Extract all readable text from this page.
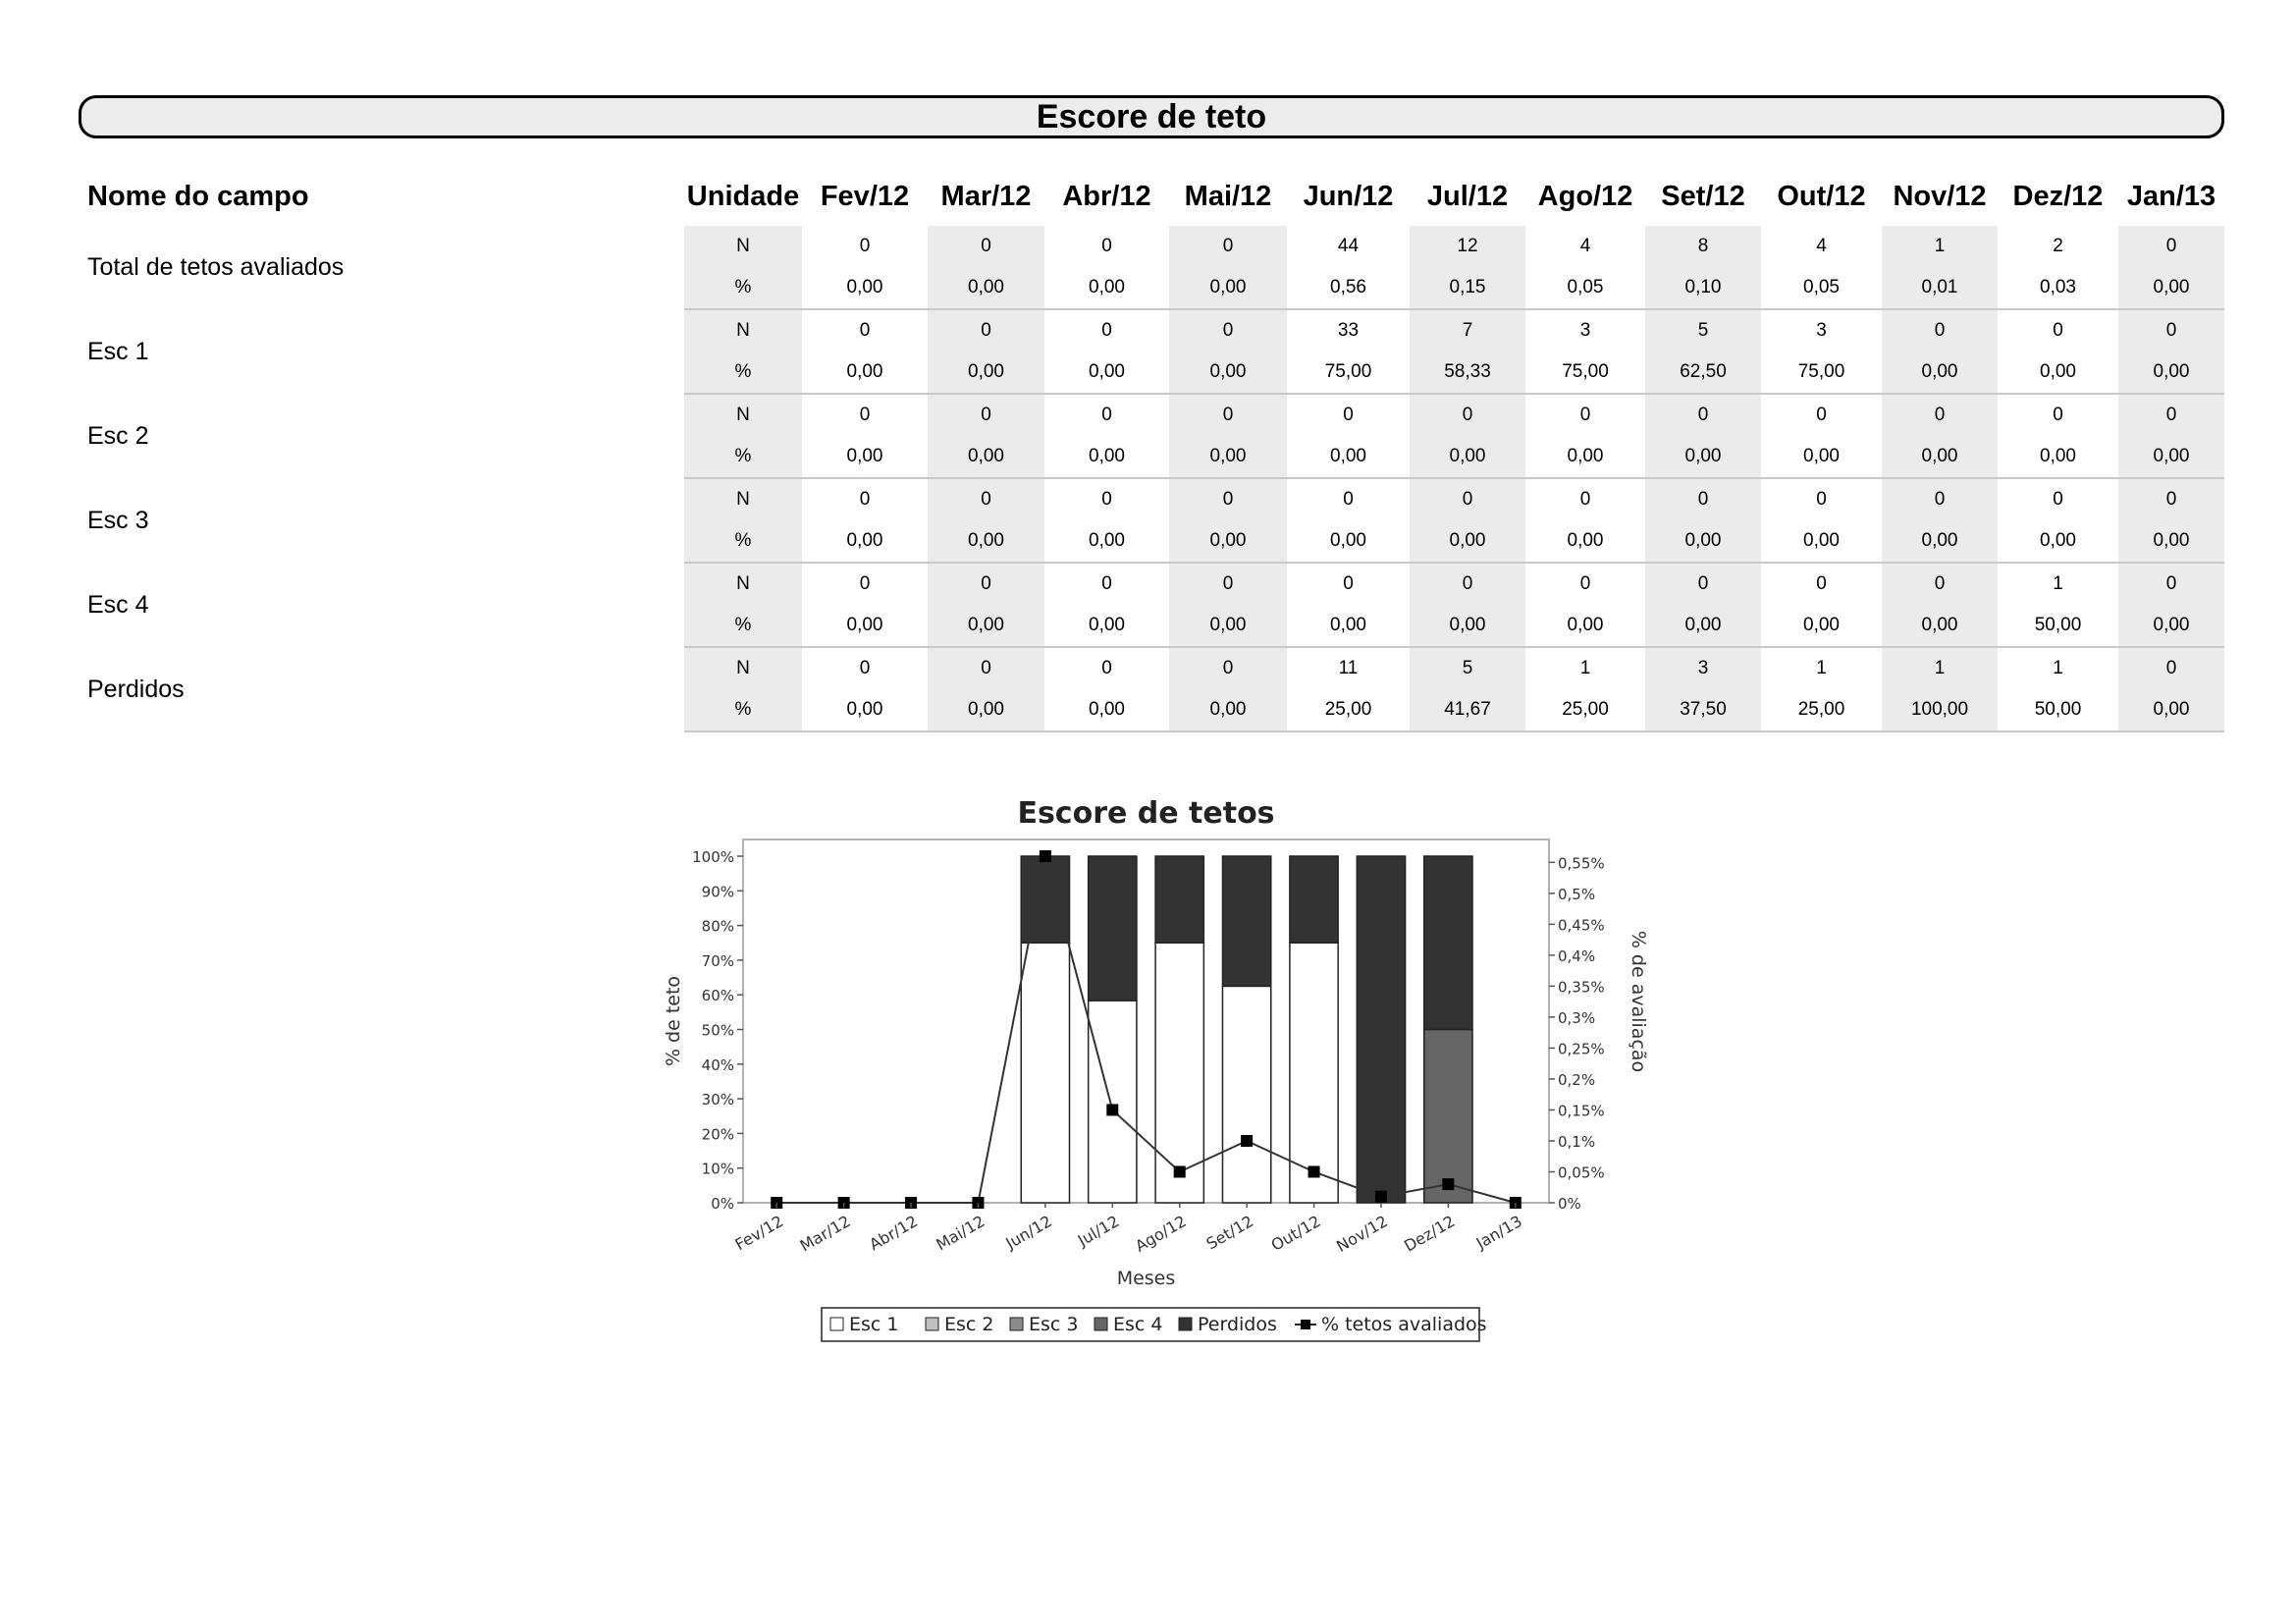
Escore de teto
Nome do campo	Unidade	Fev/12	Mar/12	Abr/12	Mai/12	Jun/12	Jul/12	Ago/12	Set/12	Out/12	Nov/12	Dez/12	Jan/13

Total de tetos avaliados	N	0	0	0	0	44	12	4	8	4	1	2	0
	%	0,00	0,00	0,00	0,00	0,56	0,15	0,05	0,10	0,05	0,01	0,03	0,00
Esc 1	N	0	0	0	0	33	7	3	5	3	0	0	0
	%	0,00	0,00	0,00	0,00	75,00	58,33	75,00	62,50	75,00	0,00	0,00	0,00
Esc 2	N	0	0	0	0	0	0	0	0	0	0	0	0
	%	0,00	0,00	0,00	0,00	0,00	0,00	0,00	0,00	0,00	0,00	0,00	0,00
Esc 3	N	0	0	0	0	0	0	0	0	0	0	0	0
	%	0,00	0,00	0,00	0,00	0,00	0,00	0,00	0,00	0,00	0,00	0,00	0,00
Esc 4	N	0	0	0	0	0	0	0	0	0	0	1	0
	%	0,00	0,00	0,00	0,00	0,00	0,00	0,00	0,00	0,00	0,00	50,00	0,00
Perdidos	N	0	0	0	0	11	5	1	3	1	1	1	0
	%	0,00	0,00	0,00	0,00	25,00	41,67	25,00	37,50	25,00	100,00	50,00	0,00
Escore de tetos
0%
10%
20%
30%
40%
50%
60%
70%
80%
90%
100%
0%
0,05%
0,1%
0,15%
0,2%
0,25%
0,3%
0,35%
0,4%
0,45%
0,5%
0,55%
Fev/12 Mar/12 Abr/12 Mai/12 Jun/12 Jul/12 Ago/12 Set/12 Out/12 Nov/12 Dez/12 Jan/13
Meses
% de teto	% de avaliação
Esc 1 Esc 2 Esc 3 Esc 4 Perdidos % tetos avaliados
